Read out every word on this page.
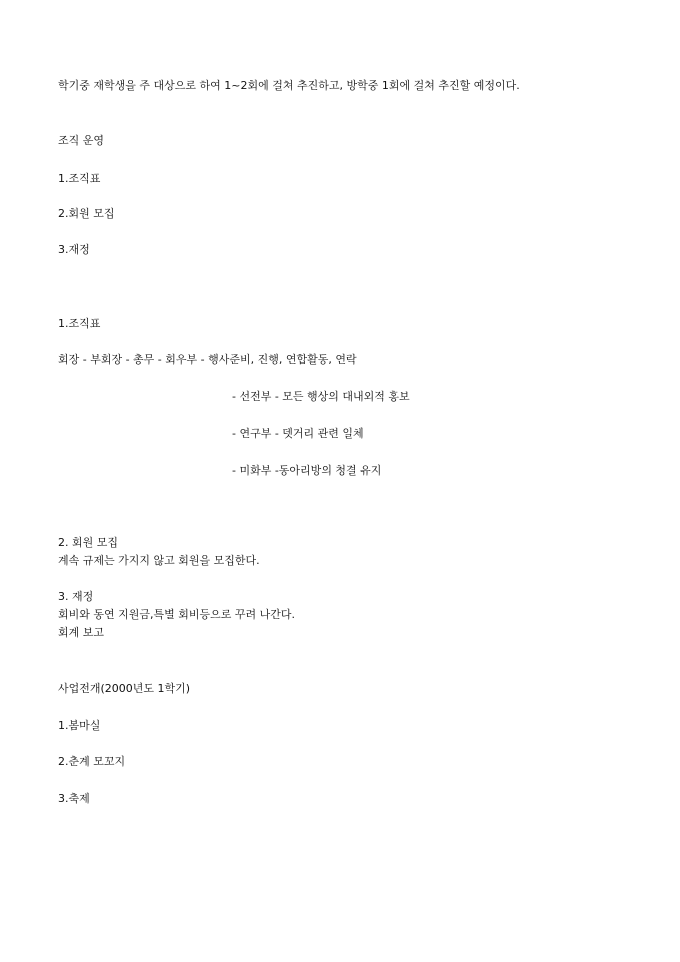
학기중 재학생을 주 대상으로 하여 1~2회에 걸쳐 추진하고, 방학중 1회에 걸쳐 추진할 예정이다.
조직 운영
1.조직표
2.회원 모집
3.재정
1.조직표
회장 - 부회장 - 총무 - 회우부 - 행사준비, 진행, 연합활동, 연락
- 선전부 - 모든 행상의 대내외적 홍보
- 연구부 - 뎃거리 관련 일체
- 미화부 -동아리방의 청결 유지
2. 회원 모집
계속 규제는 가지지 않고 회원을 모집한다.
3. 재정
회비와 동연 지원금,특별 회비등으로 꾸려 나간다.
회계 보고
사업전개(2000년도 1학기)
1.봄마실
2.춘계 모꼬지
3.축제
